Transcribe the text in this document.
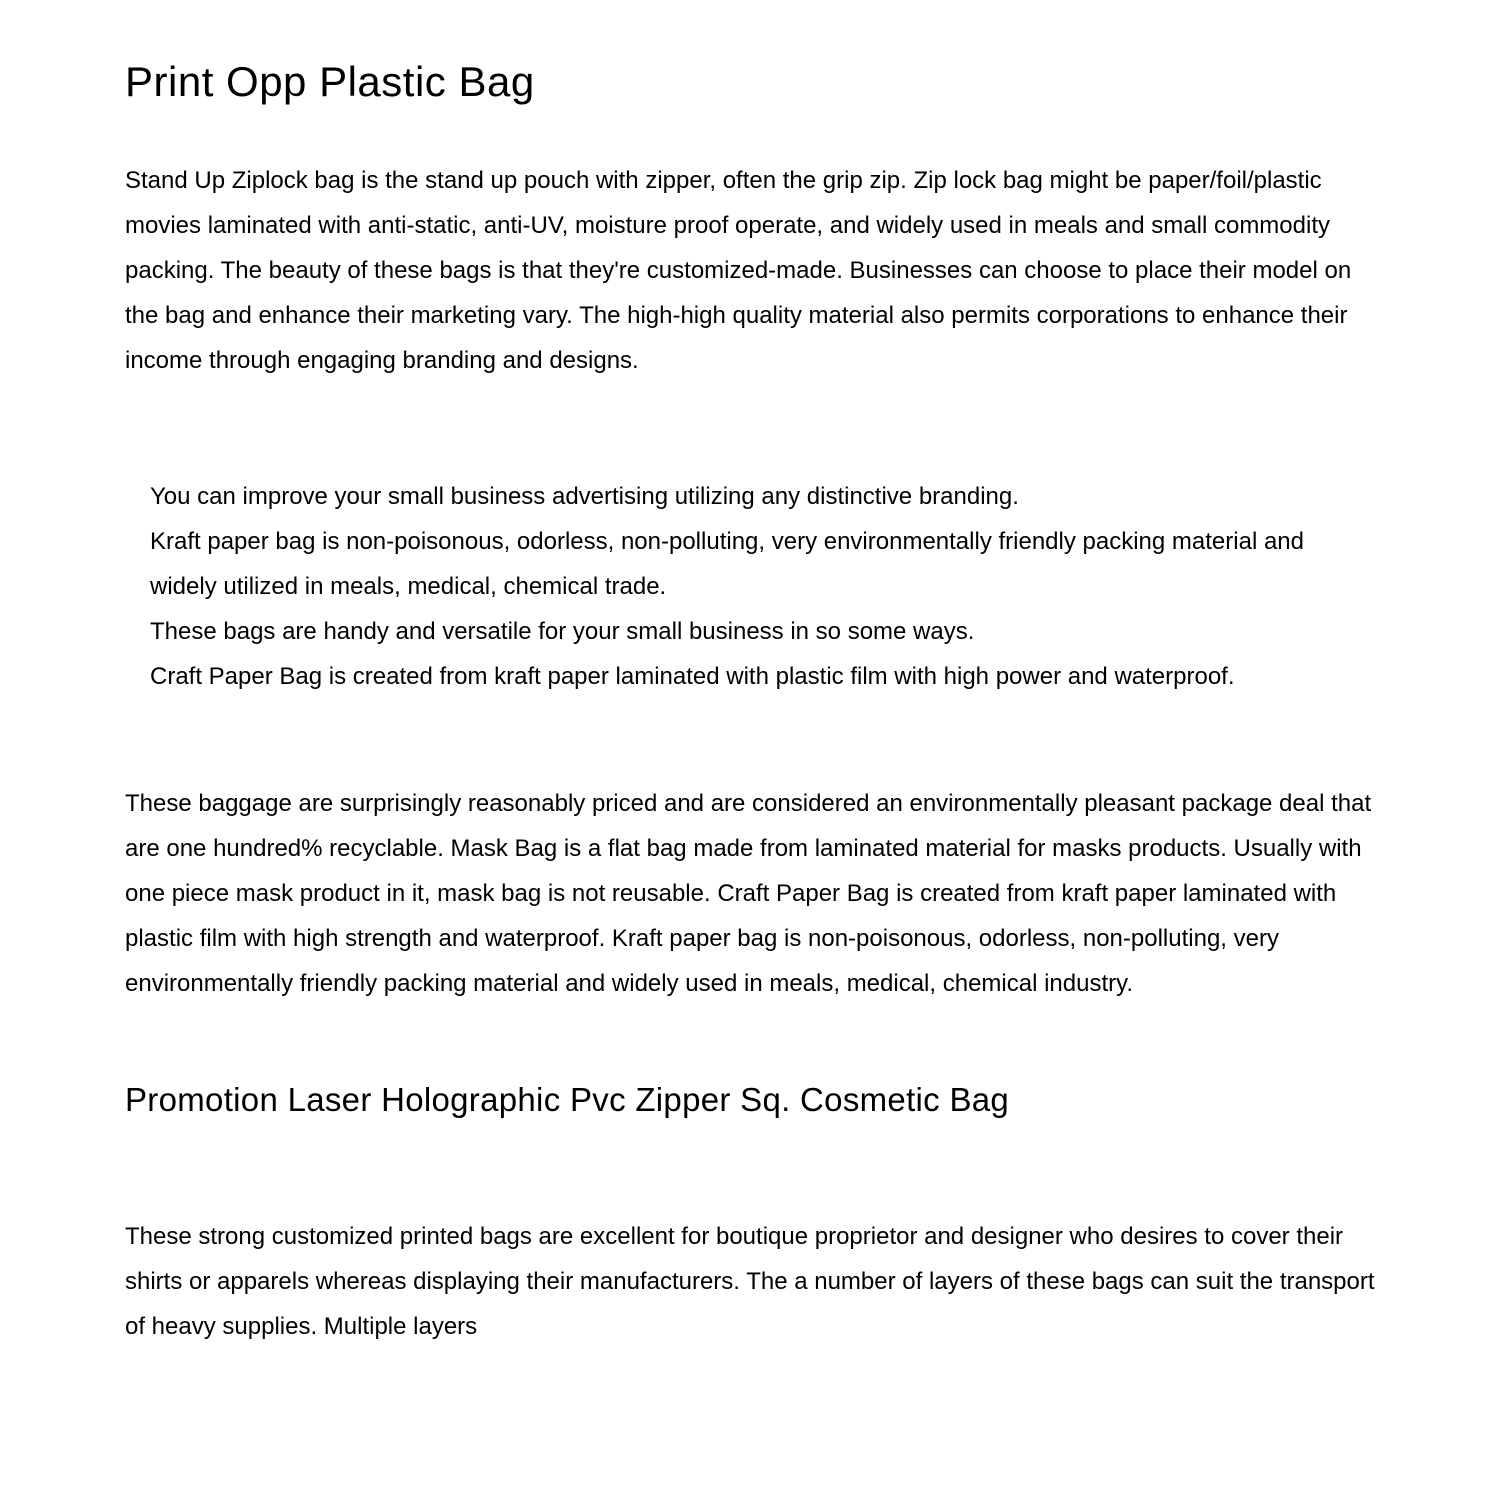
Print Opp Plastic Bag

Stand Up Ziplock bag is the stand up pouch with zipper, often the grip zip. Zip lock bag might be paper/foil/plastic movies laminated with anti-static, anti-UV, moisture proof operate, and widely used in meals and small commodity packing. The beauty of these bags is that they're customized-made. Businesses can choose to place their model on the bag and enhance their marketing vary. The high-high quality material also permits corporations to enhance their income through engaging branding and designs.

You can improve your small business advertising utilizing any distinctive branding.
Kraft paper bag is non-poisonous, odorless, non-polluting, very environmentally friendly packing material and widely utilized in meals, medical, chemical trade.
These bags are handy and versatile for your small business in so some ways.
Craft Paper Bag is created from kraft paper laminated with plastic film with high power and waterproof.

These baggage are surprisingly reasonably priced and are considered an environmentally pleasant package deal that are one hundred% recyclable. Mask Bag is a flat bag made from laminated material for masks products. Usually with one piece mask product in it, mask bag is not reusable. Craft Paper Bag is created from kraft paper laminated with plastic film with high strength and waterproof. Kraft paper bag is non-poisonous, odorless, non-polluting, very environmentally friendly packing material and widely used in meals, medical, chemical industry.

Promotion Laser Holographic Pvc Zipper Sq. Cosmetic Bag

These strong customized printed bags are excellent for boutique proprietor and designer who desires to cover their shirts or apparels whereas displaying their manufacturers. The a number of layers of these bags can suit the transport of heavy supplies. Multiple layers
